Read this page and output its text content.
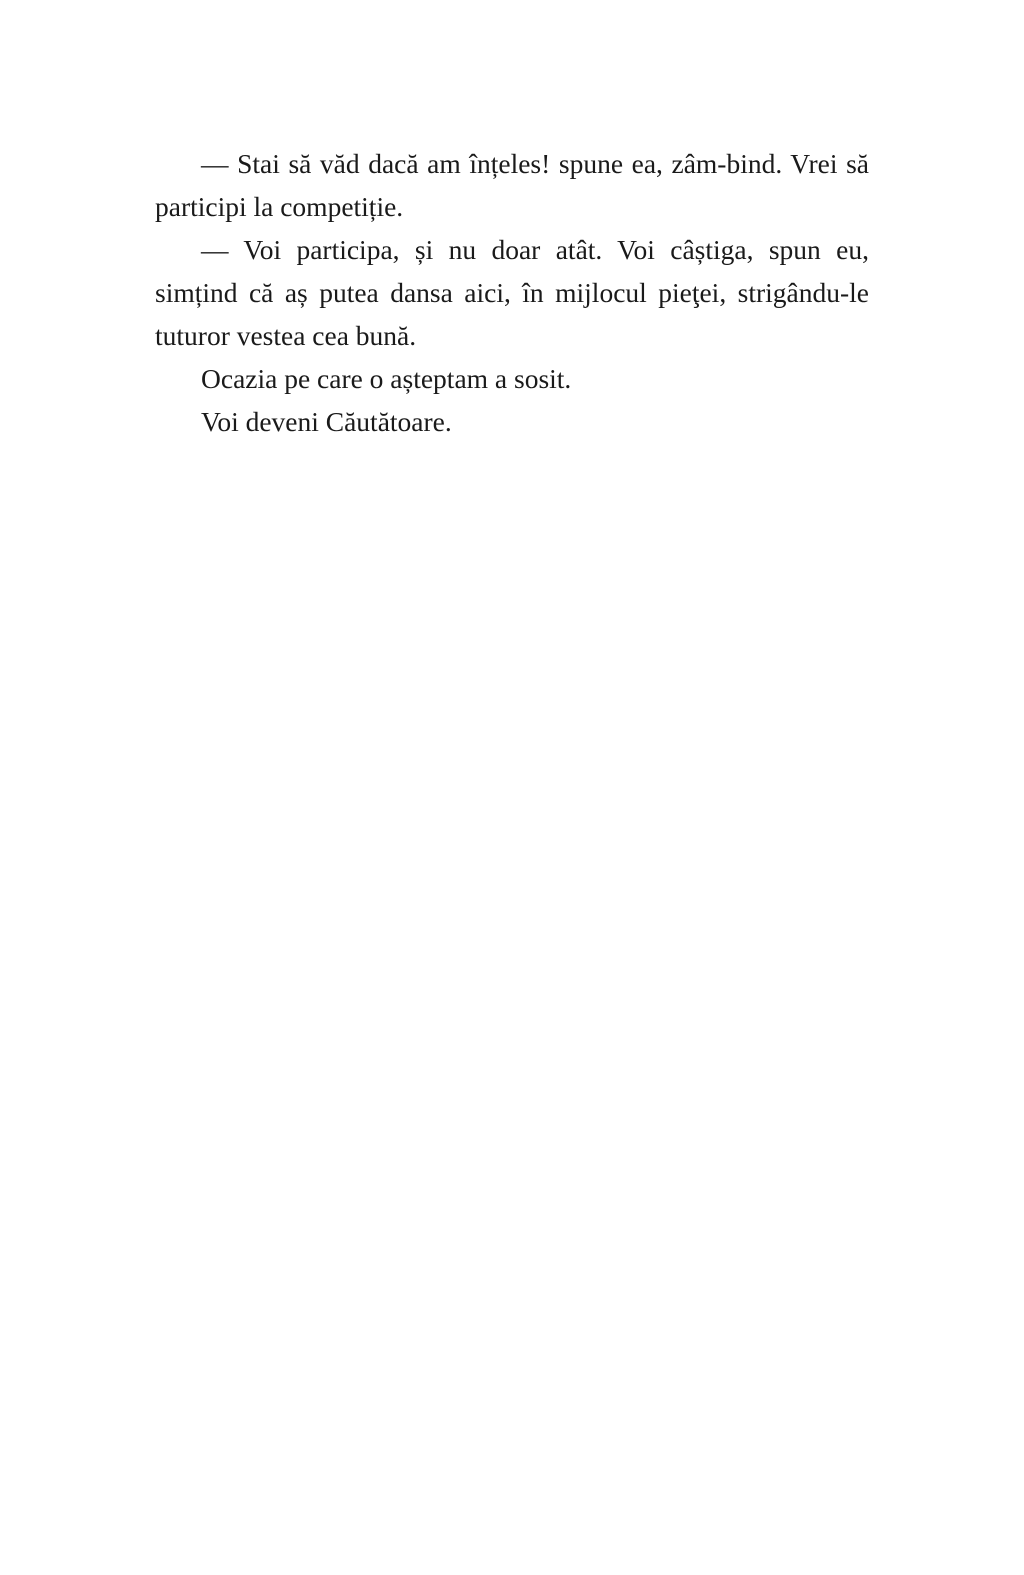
— Stai să văd dacă am înțeles! spune ea, zâm-bind. Vrei să participi la competiție.

— Voi participa, și nu doar atât. Voi câștiga, spun eu, simțind că aș putea dansa aici, în mijlocul pieţei, strigându-le tuturor vestea cea bună.

Ocazia pe care o așteptam a sosit.

Voi deveni Căutătoare.
